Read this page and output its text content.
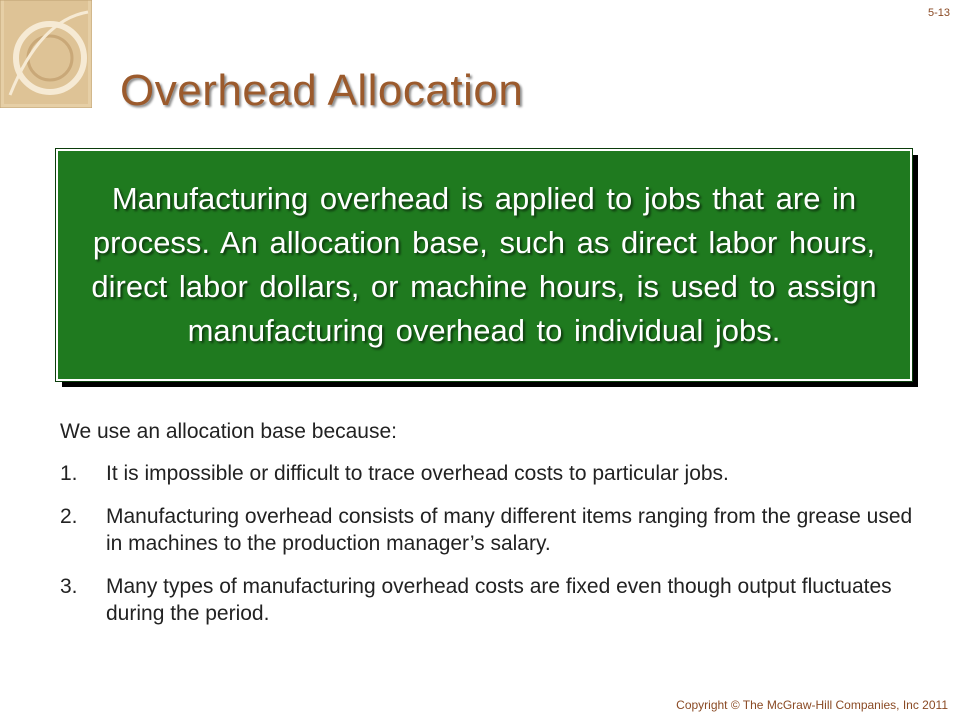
5-13
Overhead Allocation
Manufacturing overhead is applied to jobs that are in process. An allocation base, such as direct labor hours, direct labor dollars, or machine hours, is used to assign manufacturing overhead to individual jobs.
We use an allocation base because:
1.	It is impossible or difficult to trace overhead costs to particular jobs.
2.	Manufacturing overhead consists of many different items ranging from the grease used in machines to the production manager’s salary.
3.	Many types of manufacturing overhead costs are fixed even though output fluctuates during the period.
Copyright © The McGraw-Hill Companies, Inc 2011
